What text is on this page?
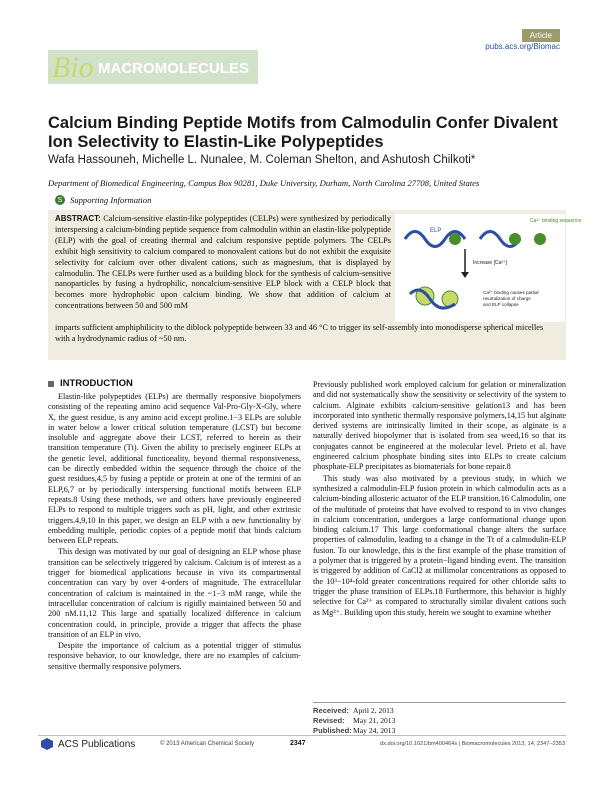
Bio MACROMOLECULES
Article
pubs.acs.org/Biomac
Calcium Binding Peptide Motifs from Calmodulin Confer Divalent Ion Selectivity to Elastin-Like Polypeptides
Wafa Hassouneh, Michelle L. Nunalee, M. Coleman Shelton, and Ashutosh Chilkoti*
Department of Biomedical Engineering, Campus Box 90281, Duke University, Durham, North Carolina 27708, United States
S Supporting Information
ABSTRACT: Calcium-sensitive elastin-like polypeptides (CELPs) were synthesized by periodically interspersing a calcium-binding peptide sequence from calmodulin within an elastin-like polypeptide (ELP) with the goal of creating thermal and calcium responsive peptide polymers. The CELPs exhibit high sensitivity to calcium compared to monovalent cations but do not exhibit the exquisite selectivity for calcium over other divalent cations, such as magnesium, that is displayed by calmodulin. The CELPs were further used as a building block for the synthesis of calcium-sensitive nanoparticles by fusing a hydrophilic, noncalcium-sensitive ELP block with a CELP block that becomes more hydrophobic upon calcium binding. We show that addition of calcium at concentrations between 50 and 500 mM
imparts sufficient amphiphilicity to the diblock polypeptide between 33 and 46 °C to trigger its self-assembly into monodisperse spherical micelles with a hydrodynamic radius of ~50 nm.
ELP
Ca²⁺ binding sequence
Increase [Ca²⁺]
Ca²⁺ binding causes partial
neutralization of charge
and ELP collapse
INTRODUCTION

Elastin-like polypeptides (ELPs) are thermally responsive biopolymers consisting of the repeating amino acid sequence Val-Pro-Gly-X-Gly, where X, the guest residue, is any amino acid except proline.1−3 ELPs are soluble in water below a lower critical solution temperature (LCST) but become insoluble and aggregate above their LCST, referred to herein as their transition temperature (Tt). Given the ability to precisely engineer ELPs at the genetic level, additional functionality, beyond thermal responsiveness, can be directly embedded within the sequence through the choice of the guest residues,4,5 by fusing a peptide or protein at one of the termini of an ELP,6,7 or by periodically interspersing functional motifs between ELP repeats.8 Using these methods, we and others have previously engineered ELPs to respond to multiple triggers such as pH, light, and other extrinsic triggers.4,9,10 In this paper, we design an ELP with a new functionality by embedding multiple, periodic copies of a peptide motif that binds calcium between ELP repeats.

This design was motivated by our goal of designing an ELP whose phase transition can be selectively triggered by calcium. Calcium is of interest as a trigger for biomedical applications because in vivo its compartmental concentration can vary by over 4-orders of magnitude. The extracellular concentration of calcium is maintained in the ~1−3 mM range, while the intracellular concentration of calcium is rigidly maintained between 50 and 200 nM.11,12 This large and spatially localized difference in calcium concentration could, in principle, provide a trigger that affects the phase transition of an ELP in vivo.

Despite the importance of calcium as a potential trigger of stimulus responsive behavior, to our knowledge, there are no examples of calcium-sensitive thermally responsive polymers.

Previously published work employed calcium for gelation or mineralization and did not systematically show the sensitivity or selectivity of the system to calcium. Alginate exhibits calcium-sensitive gelation13 and has been incorporated into synthetic thermally responsive polymers,14,15 but alginate derived systems are intrinsically limited in their scope, as alginate is a naturally derived biopolymer that is isolated from sea weed,16 so that its conjugates cannot be engineered at the molecular level. Prieto et al. have engineered calcium phosphate binding sites into ELPs to create calcium phosphate-ELP precipitates as biomaterials for bone repair.8

This study was also motivated by a previous study, in which we synthesized a calmodulin-ELP fusion protein in which calmodulin acts as a calcium-binding allosteric actuator of the ELP transition.16 Calmodulin, one of the multitude of proteins that have evolved to respond to in vivo changes in calcium concentration, undergoes a large conformational change upon binding calcium.17 This large conformational change alters the surface properties of calmodulin, leading to a change in the Tt of a calmodulin-ELP fusion. To our knowledge, this is the first example of the phase transition of a polymer that is triggered by a protein−ligand binding event. The transition is triggered by addition of CaCl2 at millimolar concentrations as opposed to the 10³−10⁴-fold greater concentrations required for other chloride salts to trigger the phase transition of ELPs.18 Furthermore, this behavior is highly selective for Ca²⁺ as compared to structurally similar divalent cations such as Mg²⁺. Building upon this study, herein we sought to examine whether

Received: April 2, 2013
Revised: May 21, 2013
Published:May 24, 2013
ACS Publications	© 2013 American Chemical Society	2347	dx.doi.org/10.1021/bm400464s | Biomacromolecules 2013, 14, 2347−2353
